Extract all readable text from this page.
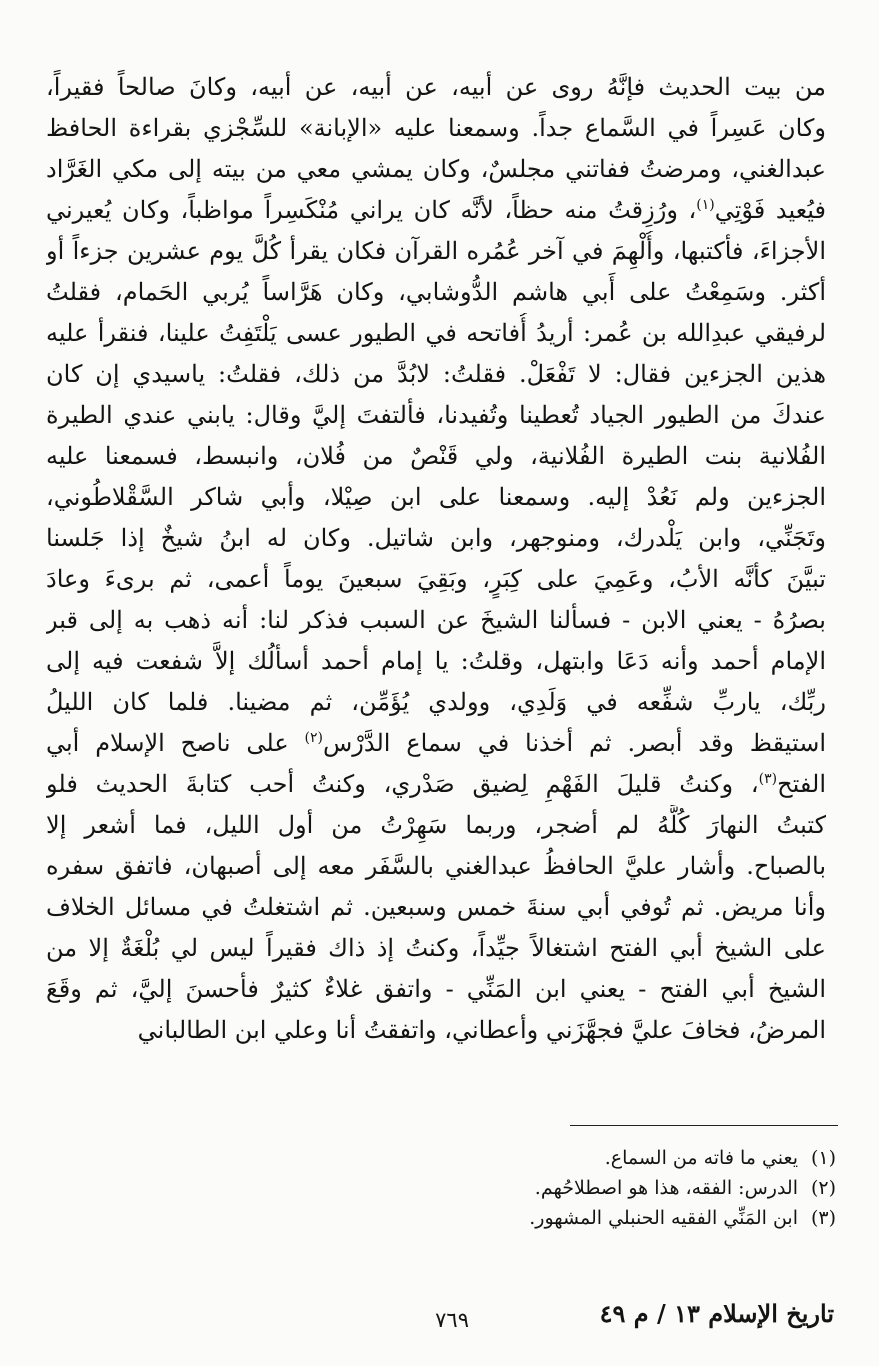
من بيت الحديث فإنَّهُ روى عن أبيه، عن أبيه، عن أبيه، وكانَ صالحاً فقيراً،
وكان عَسِراً في السَّماع جداً. وسمعنا عليه «الإبانة» للسِّجْزي بقراءة الحافظ
عبدالغني، ومرضتُ ففاتني مجلسٌ، وكان يمشي معي من بيته إلى مكي الغَرَّاد
فيُعيد فَوْتِي$^{(١)}$، ورُزِقتُ منه حظاً، لأنَّه كان يراني مُنْكَسِراً مواظباً، وكان يُعيرني
الأجزاءَ، فأكتبها، وأُلْهِمَ في آخر عُمُره القرآن فكان يقرأ كُلَّ يوم عشرين جزءاً أو
أكثر. وسَمِعْتُ على أَبي هاشم الدُّوشابي، وكان هَرَّاساً يُربي الحَمام، فقلتُ
لرفيقي عبدِالله بن عُمر: أريدُ أُفاتحه في الطيور عسى يَلْتَفِتُ علينا، فنقرأ عليه
هذين الجزءين فقال: لا تَفْعَلْ. فقلتُ: لابُدَّ من ذلك، فقلتُ: ياسيدي إن كان
عندكَ من الطيور الجياد تُعطينا وتُفيدنا، فألتفتَ إليَّ وقال: يابني عندي الطيرة
الفُلانية بنت الطيرة الفُلانية، ولي قَنْصٌ من فُلان، وانبسط، فسمعنا عليه
الجزءين ولم نَعُدْ إليه. وسمعنا على ابن صِيْلا، وأبي شاكر السَّقْلاطُوني،
وتَجَنِّي، وابن يَلْدرك، ومنوجهر، وابن شاتيل. وكان له ابنُ شيخٌ إذا جَلسنا
تبيَّنَ كأنَّه الأبُ، وعَمِيَ على كِبَرٍ، وبَقِيَ سبعينَ يوماً أعمى، ثم برىءَ وعادَ
بصرُهُ - يعني الابن - فسألنا الشيخَ عن السبب فذكر لنا: أنه ذهب به إلى قبر
الإمام أحمد وأنه دَعَا وابتهل، وقلتُ: يا إمام أحمد أسألُك إلاَّ شفعت فيه إلى
ربِّك، ياربِّ شفِّعه في وَلَدِي، وولدي يُؤَمِّن، ثم مضينا. فلما كان الليلُ
استيقظ وقد أبصر. ثم أخذنا في سماع الدَّرْس$^{(٢)}$ على ناصح الإسلام أبي
الفتح$^{(٣)}$، وكنتُ قليلَ الفَهْمِ لِضيق صَدْري، وكنتُ أحب كتابةَ الحديث فلو
كتبتُ النهارَ كُلَّهُ لم أضجر، وربما سَهِرْتُ من أول الليل، فما أشعر إلا
بالصباح. وأشار عليَّ الحافظُ عبدالغني بالسَّفَر معه إلى أصبهان، فاتفق سفره
وأنا مريض. ثم تُوفي أبي سنةَ خمس وسبعين. ثم اشتغلتُ في مسائل الخلاف
على الشيخ أبي الفتح اشتغالاً جيِّداً، وكنتُ إذ ذاك فقيراً ليس لي بُلْغَةٌ إلا من
الشيخ أبي الفتح - يعني ابن المَنِّي - واتفق غلاءٌ كثيرٌ فأحسنَ إليَّ، ثم وقَعَ
المرضُ، فخافَ عليَّ فجهَّزَني وأعطاني، واتفقتُ أنا وعلي ابن الطالباني
(١)يعني ما فاته من السماع.
(٢)الدرس: الفقه، هذا هو اصطلاحُهم.
(٣)ابن المَنِّي الفقيه الحنبلي المشهور.
تاريخ الإسلام ١٣ / م ٤٩
٧٦٩
